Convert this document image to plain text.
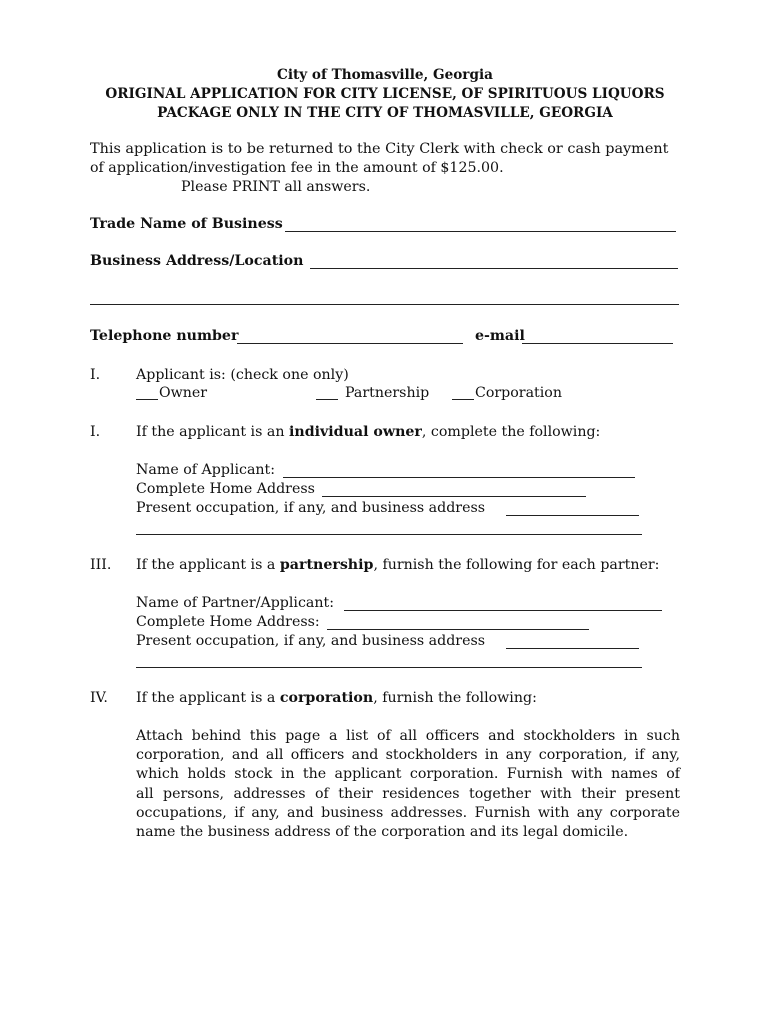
City of Thomasville, Georgia
ORIGINAL APPLICATION FOR CITY LICENSE, OF SPIRITUOUS LIQUORS
PACKAGE ONLY IN THE CITY OF THOMASVILLE, GEORGIA
This application is to be returned to the City Clerk with check or cash payment
of application/investigation fee in the amount of $125.00.
Please PRINT all answers.
Trade Name of Business
Business Address/Location
Telephone number	e-mail
I.	Applicant is: (check one only)
Owner	Partnership	Corporation
I.	If the applicant is an individual owner, complete the following:
Name of Applicant:
Complete Home Address
Present occupation, if any, and business address
III. If the applicant is a partnership, furnish the following for each partner:
Name of Partner/Applicant:
Complete Home Address:
Present occupation, if any, and business address
IV. If the applicant is a corporation, furnish the following:
Attach behind this page a list of all officers and stockholders in such
corporation, and all officers and stockholders in any corporation, if any,
which holds stock in the applicant corporation. Furnish with names of
all persons, addresses of their residences together with their present
occupations, if any, and business addresses. Furnish with any corporate
name the business address of the corporation and its legal domicile.
